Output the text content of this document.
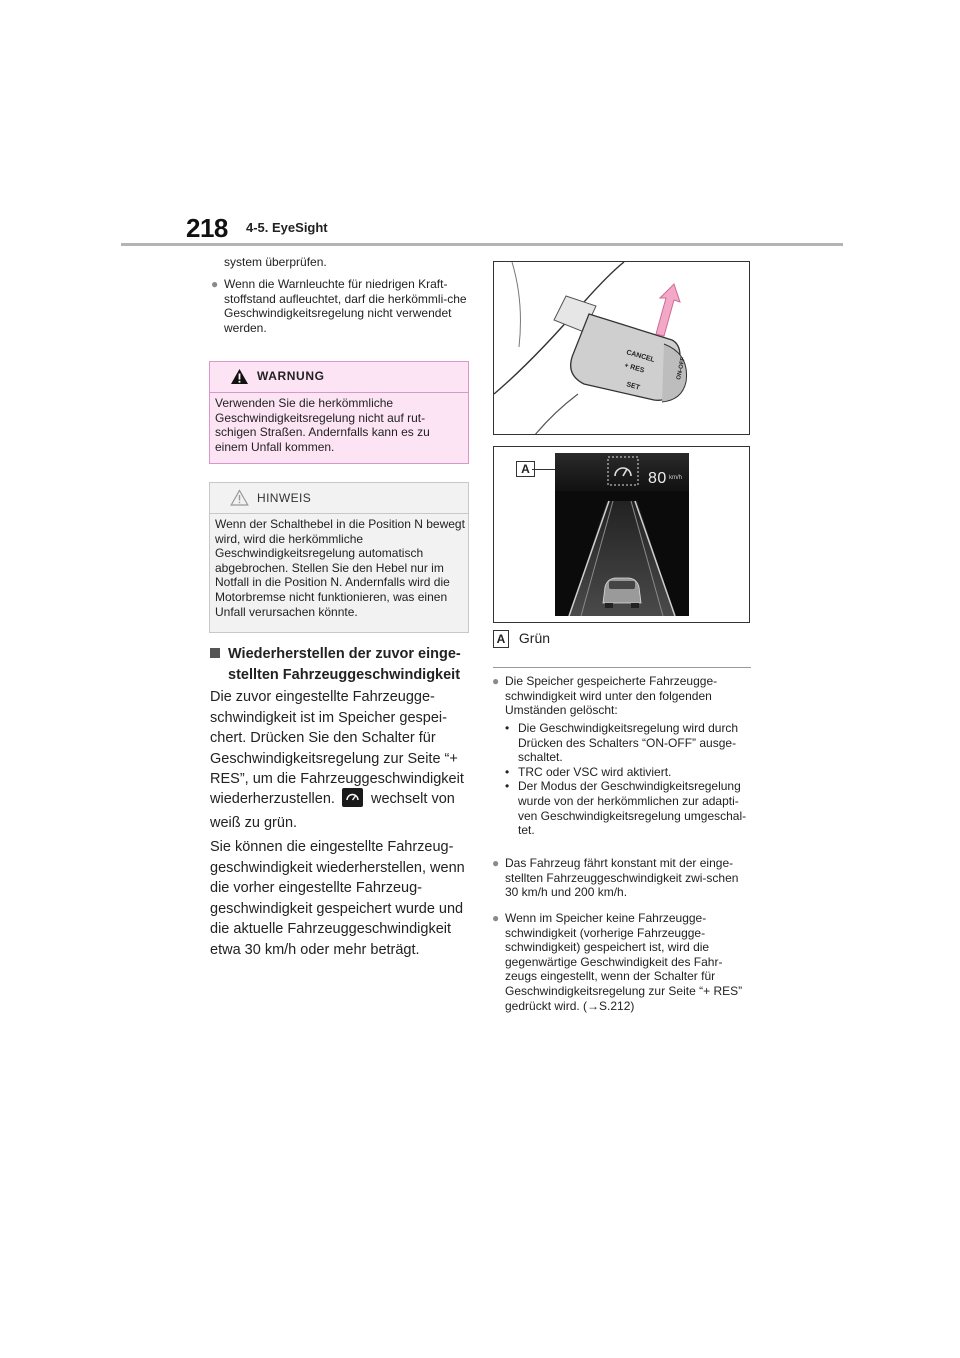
218 4-5. EyeSight
system überprüfen.
● Wenn die Warnleuchte für niedrigen Kraft-stoffstand aufleuchtet, darf die herkömmli-che Geschwindigkeitsregelung nicht verwendet werden.
WARNUNG
Verwenden Sie die herkömmliche Geschwindigkeitsregelung nicht auf rut-schigen Straßen. Andernfalls kann es zu einem Unfall kommen.
HINWEIS
Wenn der Schalthebel in die Position N bewegt wird, wird die herkömmliche Geschwindigkeitsregelung automatisch abgebrochen. Stellen Sie den Hebel nur im Notfall in die Position N. Andernfalls wird die Motorbremse nicht funktionieren, was einen Unfall verursachen könnte.
Wiederherstellen der zuvor einge-stellten Fahrzeuggeschwindigkeit
Die zuvor eingestellte Fahrzeugge-schwindigkeit ist im Speicher gespei-chert. Drücken Sie den Schalter für Geschwindigkeitsregelung zur Seite “+ RES”, um die Fahrzeuggeschwindigkeit
wiederherzustellen. wechselt von
weiß zu grün.
Sie können die eingestellte Fahrzeug-geschwindigkeit wiederherstellen, wenn die vorher eingestellte Fahrzeug-geschwindigkeit gespeichert wurde und die aktuelle Fahrzeuggeschwindigkeit etwa 30 km/h oder mehr beträgt.
CANCEL
+ RES
SET
ON-OFF
A
80 km/h
A Grün
● Die Speicher gespeicherte Fahrzeugge-schwindigkeit wird unter den folgenden Umständen gelöscht:
• Die Geschwindigkeitsregelung wird durch Drücken des Schalters “ON-OFF” ausge-schaltet.
• TRC oder VSC wird aktiviert.
• Der Modus der Geschwindigkeitsregelung wurde von der herkömmlichen zur adapti-ven Geschwindigkeitsregelung umgeschal-tet.
● Das Fahrzeug fährt konstant mit der einge-stellten Fahrzeuggeschwindigkeit zwi-schen 30 km/h und 200 km/h.
● Wenn im Speicher keine Fahrzeugge-schwindigkeit (vorherige Fahrzeugge-schwindigkeit) gespeichert ist, wird die gegenwärtige Geschwindigkeit des Fahr-zeugs eingestellt, wenn der Schalter für Geschwindigkeitsregelung zur Seite “+ RES” gedrückt wird. (→S.212)
